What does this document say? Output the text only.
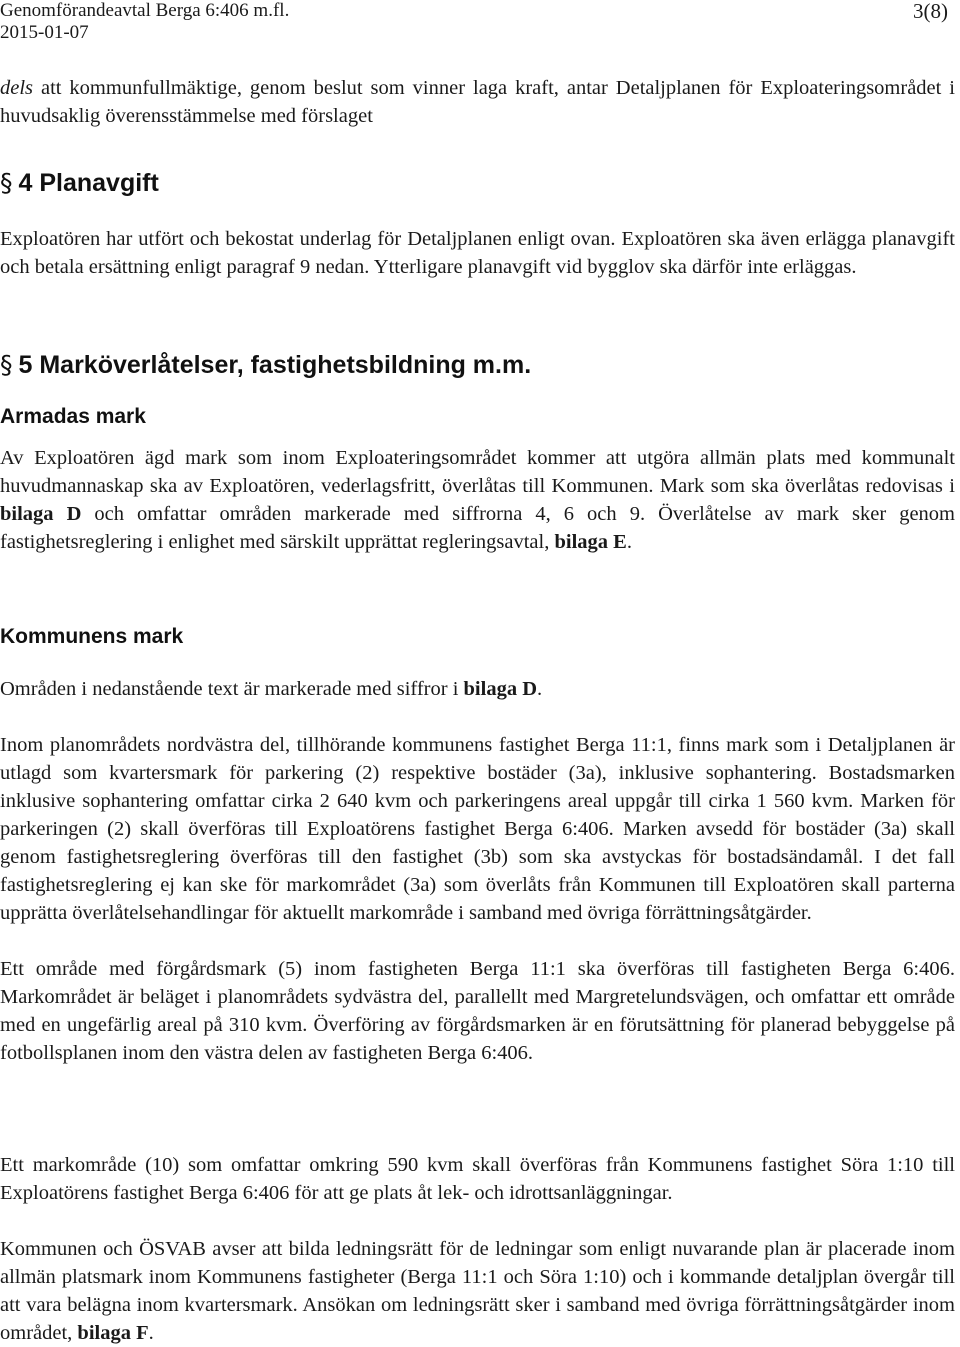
Genomförandeavtal Berga 6:406 m.fl.
2015-01-07
3(8)

dels att kommunfullmäktige, genom beslut som vinner laga kraft, antar Detaljplanen för Exploateringsområdet i huvudsaklig överensstämmelse med förslaget

§ 4 Planavgift

Exploatören har utfört och bekostat underlag för Detaljplanen enligt ovan. Exploatören ska även erlägga planavgift och betala ersättning enligt paragraf 9 nedan. Ytterligare planavgift vid bygglov ska därför inte erläggas.

§ 5 Marköverlåtelser, fastighetsbildning m.m.
Armadas mark

Av Exploatören ägd mark som inom Exploateringsområdet kommer att utgöra allmän plats med kommunalt huvudmannaskap ska av Exploatören, vederlagsfritt, överlåtas till Kommunen. Mark som ska överlåtas redovisas i bilaga D och omfattar områden markerade med siffrorna 4, 6 och 9. Överlåtelse av mark sker genom fastighetsreglering i enlighet med särskilt upprättat regleringsavtal, bilaga E.

Kommunens mark

Områden i nedanstående text är markerade med siffror i bilaga D.

Inom planområdets nordvästra del, tillhörande kommunens fastighet Berga 11:1, finns mark som i Detaljplanen är utlagd som kvartersmark för parkering (2) respektive bostäder (3a), inklusive sophantering. Bostadsmarken inklusive sophantering omfattar cirka 2 640 kvm och parkeringens areal uppgår till cirka 1 560 kvm. Marken för parkeringen (2) skall överföras till Exploatörens fastighet Berga 6:406. Marken avsedd för bostäder (3a) skall genom fastighetsreglering överföras till den fastighet (3b) som ska avstyckas för bostadsändamål. I det fall fastighetsreglering ej kan ske för markområdet (3a) som överlåts från Kommunen till Exploatören skall parterna upprätta överlåtelsehandlingar för aktuellt markområde i samband med övriga förrättningsåtgärder.

Ett område med förgårdsmark (5) inom fastigheten Berga 11:1 ska överföras till fastigheten Berga 6:406. Markområdet är beläget i planområdets sydvästra del, parallellt med Margretelundsvägen, och omfattar ett område med en ungefärlig areal på 310 kvm. Överföring av förgårdsmarken är en förutsättning för planerad bebyggelse på fotbollsplanen inom den västra delen av fastigheten Berga 6:406.

Ett markområde (10) som omfattar omkring 590 kvm skall överföras från Kommunens fastighet Söra 1:10 till Exploatörens fastighet Berga 6:406 för att ge plats åt lek- och idrottsanläggningar.

Kommunen och ÖSVAB avser att bilda ledningsrätt för de ledningar som enligt nuvarande plan är placerade inom allmän platsmark inom Kommunens fastigheter (Berga 11:1 och Söra 1:10) och i kommande detaljplan övergår till att vara belägna inom kvartersmark. Ansökan om ledningsrätt sker i samband med övriga förrättningsåtgärder inom området, bilaga F.
